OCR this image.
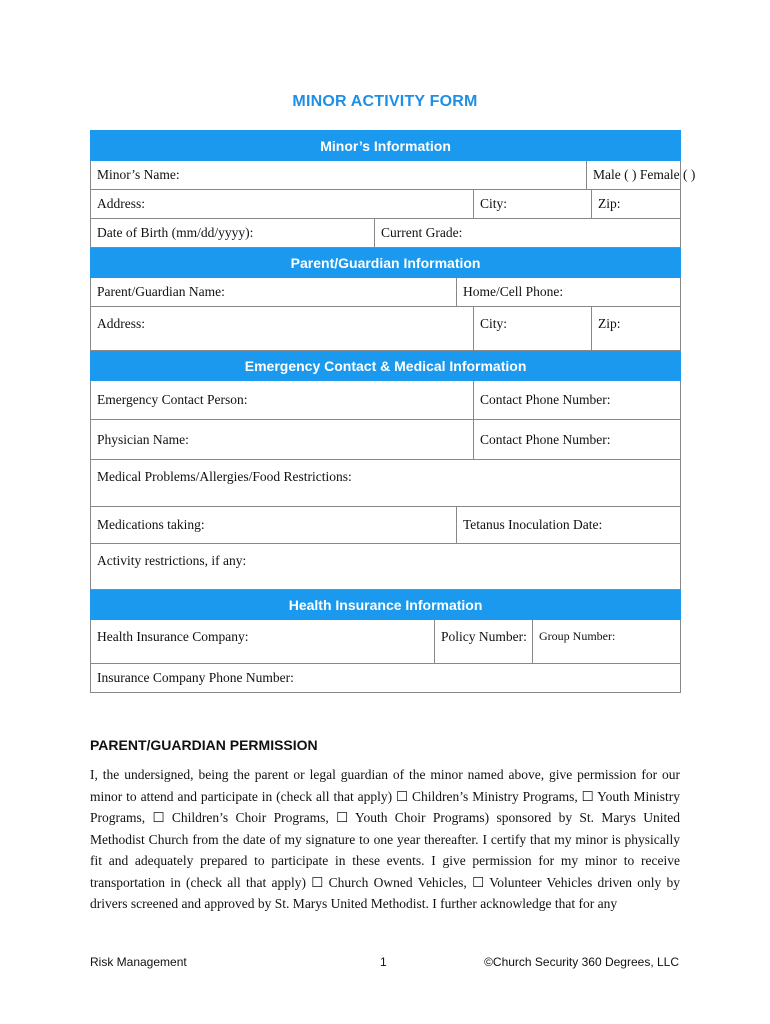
MINOR ACTIVITY FORM
Minor’s Information							
Minor’s Name:						Male ( ) Female ( )	
Address:				City:			Zip:
Date of Birth (mm/dd/yyyy):	Current Grade:						
Parent/Guardian Information							
Parent/Guardian Name:			Home/Cell Phone:				
Address:				City:			Zip:
Emergency Contact & Medical Information							
Emergency Contact Person:				Contact Phone Number:			
Physician Name:				Contact Phone Number:			
Medical Problems/Allergies/Food Restrictions:							
Medications taking:			Tetanus Inoculation Date:				
Activity restrictions, if any:							
Health Insurance Information							
Health Insurance Company:		Policy Number:			Group Number:		
Insurance Company Phone Number:							
PARENT/GUARDIAN PERMISSION

I, the undersigned, being the parent or legal guardian of the minor named above, give permission for our minor to attend and participate in (check all that apply) ☐ Children’s Ministry Programs, ☐ Youth Ministry Programs, ☐ Children’s Choir Programs, ☐ Youth Choir Programs) sponsored by St. Marys United Methodist Church from the date of my signature to one year thereafter. I certify that my minor is physically fit and adequately prepared to participate in these events. I give permission for my minor to receive transportation in (check all that apply) ☐ Church Owned Vehicles, ☐ Volunteer Vehicles driven only by drivers screened and approved by St. Marys United Methodist. I further acknowledge that for any

Risk Management	1	©Church Security 360 Degrees, LLC
